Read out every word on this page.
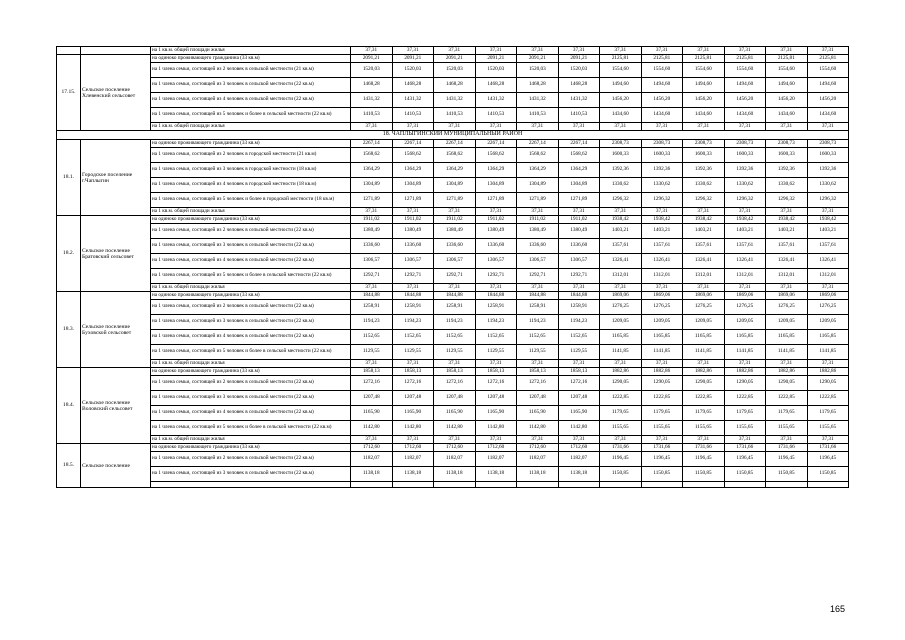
		на 1 кв.м. общей площади жилья	37,31	37,31	37,31	37,31	37,31	37,31	37,31	37,31	37,31	37,31	37,31	37,31
17.15.	Сельское поселение Хлевенский сельсовет	на одиноко проживающего гражданина (33 кв.м)	2091,21	2091,21	2091,21	2091,21	2091,21	2091,21	2125,81	2125,81	2125,81	2125,81	2125,81	2125,81
		на 1 члена семьи, состоящей из 2 человек в сельской местности (21 кв.м)	1520,03	1520,03	1520,03	1520,03	1520,03	1520,03	1554,60	1554,60	1554,60	1554,60	1554,60	1554,60
		на 1 члена семьи, состоящей из 3 человек в сельской местности (22 кв.м)	1468,28	1468,28	1468,28	1468,28	1468,28	1468,28	1494,60	1494,60	1494,60	1494,60	1494,60	1494,60
		на 1 члена семьи, состоящей из 4 человек в сельской местности (22 кв.м)	1431,32	1431,32	1431,32	1431,32	1431,32	1431,32	1456,20	1456,20	1456,20	1456,20	1456,20	1456,20
		на 1 члена семьи, состоящей из 5 человек и более в сельской местности (22 кв.м)	1410,53	1410,53	1410,53	1410,53	1410,53	1410,53	1434,60	1434,60	1434,60	1434,60	1434,60	1434,60
		на 1 кв.м. общей площади жилья	37,31	37,31	37,31	37,31	37,31	37,31	37,31	37,31	37,31	37,31	37,31	37,31
18. ЧАПЛЫГИНСКИЙ МУНИЦИПАЛЬНЫЙ РАЙОН														
18.1.	Городское поселение г.Чаплыгин	на одиноко проживающего гражданина (33 кв.м)	2267,14	2267,14	2267,14	2267,14	2267,14	2267,14	2308,73	2308,73	2308,73	2308,73	2308,73	2308,73
		на 1 члена семьи, состоящей из 2 человек в городской местности (21 кв.м)	1568,62	1568,62	1568,62	1568,62	1568,62	1568,62	1600,33	1600,33	1600,33	1600,33	1600,33	1600,33
		на 1 члена семьи, состоящей из 3 человек в городской местности (18 кв.м)	1364,29	1364,29	1364,29	1364,29	1364,29	1364,29	1392,36	1392,36	1392,36	1392,36	1392,36	1392,36
		на 1 члена семьи, состоящей из 4 человек в городской местности (18 кв.м)	1304,89	1304,89	1304,89	1304,89	1304,89	1304,89	1330,62	1330,62	1330,62	1330,62	1330,62	1330,62
		на 1 члена семьи, состоящей из 5 человек и более в городской местности (18 кв.м)	1271,89	1271,89	1271,89	1271,89	1271,89	1271,89	1296,32	1296,32	1296,32	1296,32	1296,32	1296,32
		на 1 кв.м. общей площади жилья	37,31	37,31	37,31	37,31	37,31	37,31	37,31	37,31	37,31	37,31	37,31	37,31
18.2.	Сельское поселение Братовский сельсовет	на одиноко проживающего гражданина (33 кв.м)	1911,02	1911,02	1911,02	1911,02	1911,02	1911,02	1938,42	1938,42	1938,42	1938,42	1938,42	1938,42
		на 1 члена семьи, состоящей из 2 человек в сельской местности (22 кв.м)	1380,49	1380,49	1380,49	1380,49	1380,49	1380,49	1403,21	1403,21	1403,21	1403,21	1403,21	1403,21
		на 1 члена семьи, состоящей из 3 человек в сельской местности (22 кв.м)	1336,60	1336,60	1336,60	1336,60	1336,60	1336,60	1357,61	1357,61	1357,61	1357,61	1357,61	1357,61
		на 1 члена семьи, состоящей из 4 человек в сельской местности (22 кв.м)	1306,57	1306,57	1306,57	1306,57	1306,57	1306,57	1326,41	1326,41	1326,41	1326,41	1326,41	1326,41
		на 1 члена семьи, состоящей из 5 человек и более в сельской местности (22 кв.м)	1292,71	1292,71	1292,71	1292,71	1292,71	1292,71	1312,01	1312,01	1312,01	1312,01	1312,01	1312,01
		на 1 кв.м. общей площади жилья	37,31	37,31	37,31	37,31	37,31	37,31	37,31	37,31	37,31	37,31	37,31	37,31
18.3.	Сельское поселение Буховской сельсовет	на одиноко проживающего гражданина (33 кв.м)	1844,88	1844,88	1844,88	1844,88	1844,88	1844,88	1869,06	1869,06	1869,06	1869,06	1869,06	1869,06
		на 1 члена семьи, состоящей из 2 человек в сельской местности (22 кв.м)	1258,91	1258,91	1258,91	1258,91	1258,91	1258,91	1276,25	1276,25	1276,25	1276,25	1276,25	1276,25
		на 1 члена семьи, состоящей из 3 человек в сельской местности (22 кв.м)	1194,23	1194,23	1194,23	1194,23	1194,23	1194,23	1209,05	1209,05	1209,05	1209,05	1209,05	1209,05
		на 1 члена семьи, состоящей из 4 человек в сельской местности (22 кв.м)	1152,65	1152,65	1152,65	1152,65	1152,65	1152,65	1165,85	1165,85	1165,85	1165,85	1165,85	1165,85
		на 1 члена семьи, состоящей из 5 человек и более в сельской местности (22 кв.м)	1129,55	1129,55	1129,55	1129,55	1129,55	1129,55	1141,85	1141,85	1141,85	1141,85	1141,85	1141,85
		на 1 кв.м. общей площади жилья	37,31	37,31	37,31	37,31	37,31	37,31	37,31	37,31	37,31	37,31	37,31	37,31
18.4.	Сельское поселение Воловский сельсовет	на одиноко проживающего гражданина (33 кв.м)	1858,13	1858,13	1858,13	1858,13	1858,13	1858,13	1882,86	1882,86	1882,86	1882,86	1882,86	1882,86
		на 1 члена семьи, состоящей из 2 человек в сельской местности (22 кв.м)	1272,16	1272,16	1272,16	1272,16	1272,16	1272,16	1290,05	1290,05	1290,05	1290,05	1290,05	1290,05
		на 1 члена семьи, состоящей из 3 человек в сельской местности (22 кв.м)	1207,48	1207,48	1207,48	1207,48	1207,48	1207,48	1222,85	1222,85	1222,85	1222,85	1222,85	1222,85
		на 1 члена семьи, состоящей из 4 человек в сельской местности (22 кв.м)	1165,90	1165,90	1165,90	1165,90	1165,90	1165,90	1179,65	1179,65	1179,65	1179,65	1179,65	1179,65
		на 1 члена семьи, состоящей из 5 человек и более в сельской местности (22 кв.м)	1142,80	1142,80	1142,80	1142,80	1142,80	1142,80	1155,65	1155,65	1155,65	1155,65	1155,65	1155,65
		на 1 кв.м. общей площади жилья	37,31	37,31	37,31	37,31	37,31	37,31	37,31	37,31	37,31	37,31	37,31	37,31
18.5.	Сельское поселение	на одиноко проживающего гражданина (33 кв.м)	1712,60	1712,60	1712,60	1712,60	1712,60	1712,60	1731,66	1731,66	1731,66	1731,66	1731,66	1731,66
		на 1 члена семьи, состоящей из 2 человек в сельской местности (22 кв.м)	1182,07	1182,07	1182,07	1182,07	1182,07	1182,07	1196,45	1196,45	1196,45	1196,45	1196,45	1196,45
		на 1 члена семьи, состоящей из 3 человек в сельской местности (22 кв.м)	1138,18	1138,18	1138,18	1138,18	1138,18	1138,18	1150,85	1150,85	1150,85	1150,85	1150,85	1150,85

165
